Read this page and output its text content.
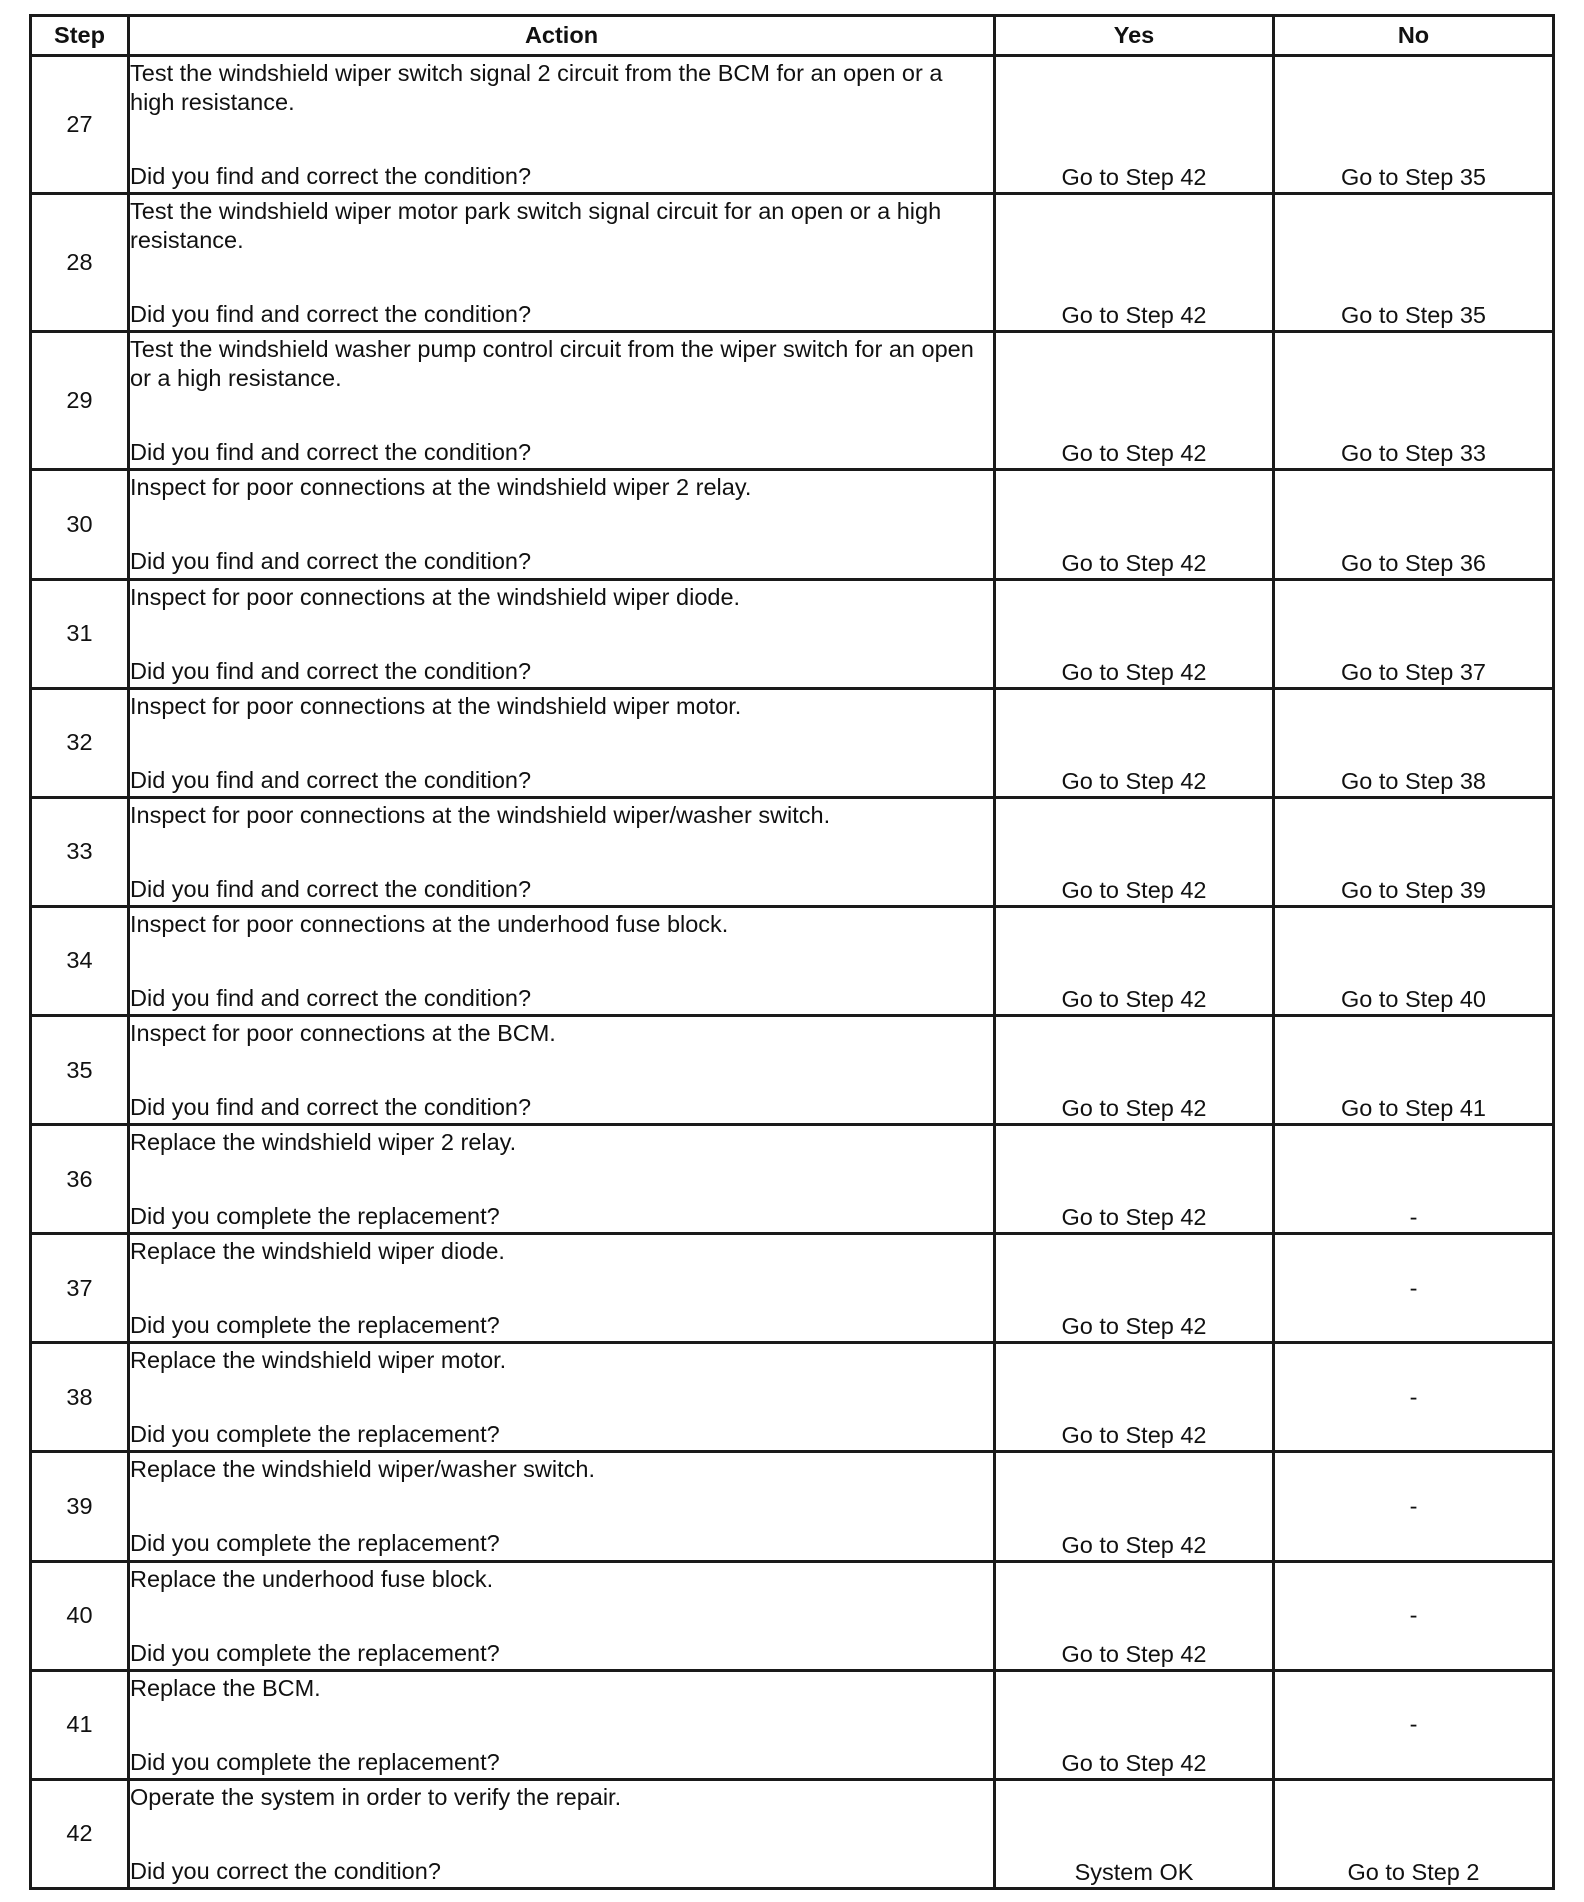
Step	Action	Yes	No
27	Test the windshield wiper switch signal 2 circuit from the BCM for an open or a high resistance.
Did you find and correct the condition?	Go to Step 42	Go to Step 35
28	Test the windshield wiper motor park switch signal circuit for an open or a high resistance.
Did you find and correct the condition?	Go to Step 42	Go to Step 35
29	Test the windshield washer pump control circuit from the wiper switch for an open or a high resistance.
Did you find and correct the condition?	Go to Step 42	Go to Step 33
30	Inspect for poor connections at the windshield wiper 2 relay.
Did you find and correct the condition?	Go to Step 42	Go to Step 36
31	Inspect for poor connections at the windshield wiper diode.
Did you find and correct the condition?	Go to Step 42	Go to Step 37
32	Inspect for poor connections at the windshield wiper motor.
Did you find and correct the condition?	Go to Step 42	Go to Step 38
33	Inspect for poor connections at the windshield wiper/washer switch.
Did you find and correct the condition?	Go to Step 42	Go to Step 39
34	Inspect for poor connections at the underhood fuse block.
Did you find and correct the condition?	Go to Step 42	Go to Step 40
35	Inspect for poor connections at the BCM.
Did you find and correct the condition?	Go to Step 42	Go to Step 41
36	Replace the windshield wiper 2 relay.
Did you complete the replacement?	Go to Step 42	-
37	Replace the windshield wiper diode.
Did you complete the replacement?	Go to Step 42	-
38	Replace the windshield wiper motor.
Did you complete the replacement?	Go to Step 42	-
39	Replace the windshield wiper/washer switch.
Did you complete the replacement?	Go to Step 42	-
40	Replace the underhood fuse block.
Did you complete the replacement?	Go to Step 42	-
41	Replace the BCM.
Did you complete the replacement?	Go to Step 42	-
42	Operate the system in order to verify the repair.
Did you correct the condition?	System OK	Go to Step 2
